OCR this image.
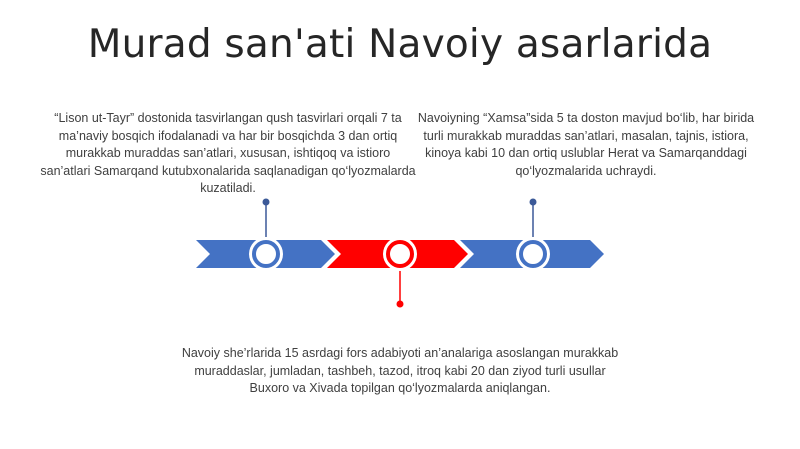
Murad san'ati Navoiy asarlarida
“Lison ut-Tayr” dostonida tasvirlangan qush tasvirlari orqali 7 ta ma’naviy bosqich ifodalanadi va har bir bosqichda 3 dan ortiq murakkab muraddas san’atlari, xususan, ishtiqoq va istioro san’atlari Samarqand kutubxonalarida saqlanadigan qo‘lyozmalarda kuzatiladi.
Navoiyning “Xamsa”sida 5 ta doston mavjud bo‘lib, har birida turli murakkab muraddas san’atlari, masalan, tajnis, istiora, kinoya kabi 10 dan ortiq uslublar Herat va Samarqanddagi qo‘lyozmalarida uchraydi.
Navoiy she’rlarida 15 asrdagi fors adabiyoti an’analariga asoslangan murakkab muraddaslar, jumladan, tashbeh, tazod, itroq kabi 20 dan ziyod turli usullar Buxoro va Xivada topilgan qo‘lyozmalarda aniqlangan.
